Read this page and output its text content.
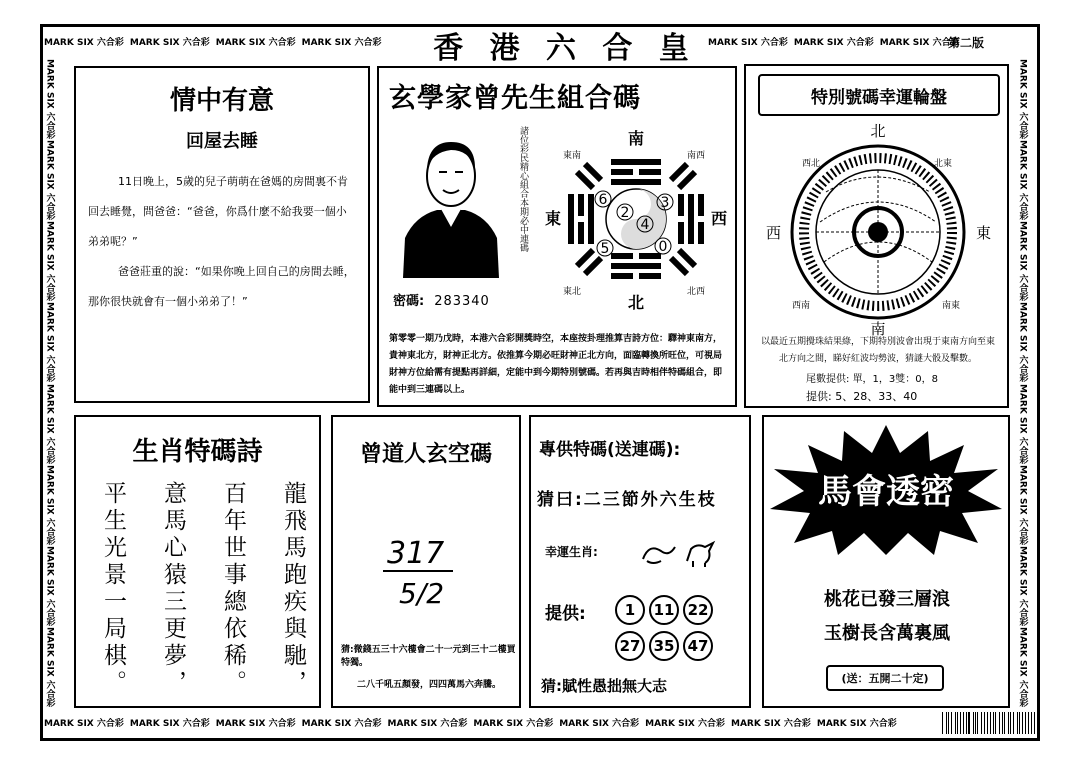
MARK SIX 六合彩 MARK SIX 六合彩 MARK SIX 六合彩 MARK SIX 六合彩 香 港 六 合 皇 MARK SIX 六合彩 MARK SIX 六合彩 MARK SIX 六合彩
第二版
MARK SIX 六合彩
MARK SIX 六合彩
MARK SIX 六合彩
MARK SIX 六合彩
MARK SIX 六合彩
MARK SIX 六合彩
MARK SIX 六合彩
MARK SIX 六合彩
MARK SIX 六合彩
MARK SIX 六合彩
MARK SIX 六合彩
MARK SIX 六合彩
MARK SIX 六合彩
MARK SIX 六合彩
MARK SIX 六合彩
MARK SIX 六合彩
MARK SIX 六合彩 MARK SIX 六合彩 MARK SIX 六合彩 MARK SIX 六合彩 MARK SIX 六合彩 MARK SIX 六合彩 MARK SIX 六合彩 MARK SIX 六合彩 MARK SIX 六合彩 MARK SIX 六合彩
情中有意
回屋去睡
11日晚上，5歲的兒子萌萌在爸媽的房間裏不肯回去睡覺，問爸爸：“爸爸，你爲什麼不給我要一個小弟弟呢？”
爸爸莊重的說：“如果你晚上回自己的房間去睡，那你很快就會有一個小弟弟了！”
玄學家曾先生組合碼
諸位彩民精心組合本期必中連碼
密碼: 283340
南
北
東	西
東南	南西
東北	北西
6
2
3
4
5	0
第零零一期乃戊時，本港六合彩開獎時空，本座按卦理推算吉詩方位：驛神東南方，貴神東北方，財神正北方。依推算今期必旺財神正北方向，面臨轉換所旺位，可視局財神方位給需有提點再詳細，定能中到今期特別號碼。若再與吉時相伴特碼組合，即能中到三連碼以上。
特別號碼幸運輪盤
北
南
西	東
西北	北東
西南	南東
以最近五期攪珠結果綠，下期特別波會出現于東南方向至東北方向之間，睇好紅波均勢波，猜謎大骰及擊數。
尾數提供: 單，1，3雙：0，8
提供: 5、28、33、40
生肖特碼詩
龍飛馬跑疾與馳，
百年世事總依稀。
意馬心猿三更夢，
平生光景一局棋。
曾道人玄空碼
317
5/2
猜:微錢五三十六樓會二十一元到三十二樓買特獨。
二八千吼五顏發，四四萬馬六奔騰。
專供特碼(送連碼):
猜曰:二三節外六生枝
幸運生肖:
提供:	1	11 22
27 35 47
猜:賦性愚拙無大志
馬會透密
桃花已發三層浪
玉樹長含萬裏風
(送：五開二十定)
